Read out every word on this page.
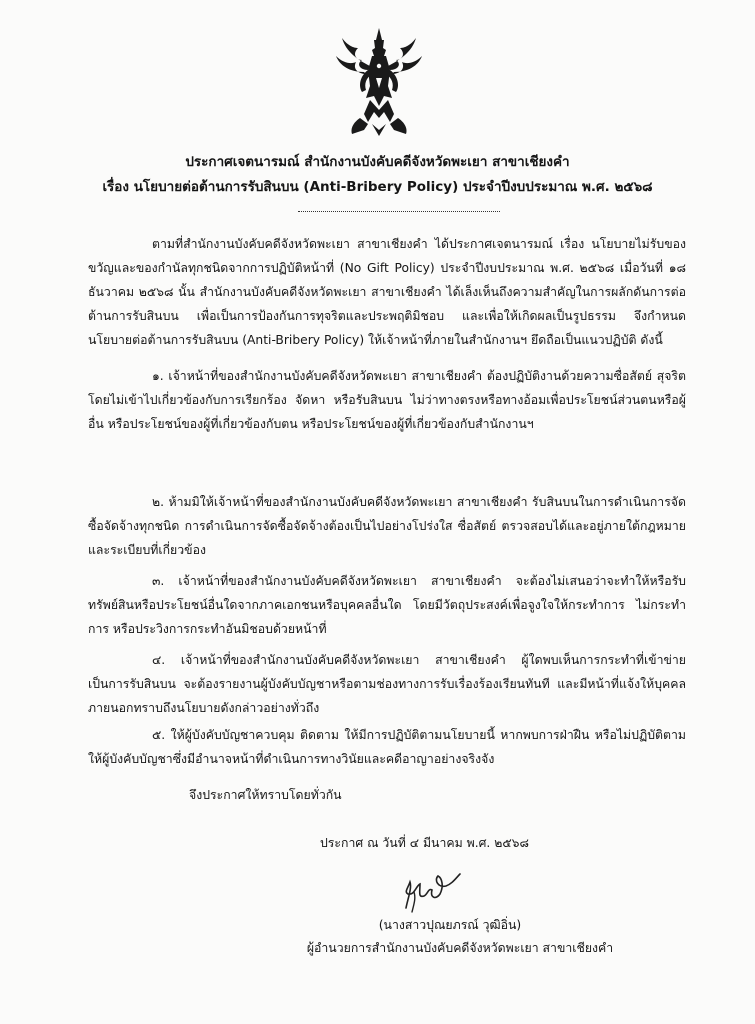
ประกาศเจตนารมณ์ สำนักงานบังคับคดีจังหวัดพะเยา สาขาเชียงคำ
เรื่อง นโยบายต่อต้านการรับสินบน (Anti-Bribery Policy) ประจำปีงบประมาณ พ.ศ. ๒๕๖๘
ตามที่สำนักงานบังคับคดีจังหวัดพะเยา สาขาเชียงคำ ได้ประกาศเจตนารมณ์ เรื่อง นโยบายไม่รับของขวัญและของกำนัลทุกชนิดจากการปฏิบัติหน้าที่ (No Gift Policy) ประจำปีงบประมาณ พ.ศ. ๒๕๖๘ เมื่อวันที่ ๑๘ ธันวาคม ๒๕๖๘ นั้น สำนักงานบังคับคดีจังหวัดพะเยา สาขาเชียงคำ ได้เล็งเห็นถึงความสำคัญในการผลักดันการต่อต้านการรับสินบน เพื่อเป็นการป้องกันการทุจริตและประพฤติมิชอบ และเพื่อให้เกิดผลเป็นรูปธรรม จึงกำหนดนโยบายต่อต้านการรับสินบน (Anti-Bribery Policy) ให้เจ้าหน้าที่ภายในสำนักงานฯ ยึดถือเป็นแนวปฏิบัติ ดังนี้
๑. เจ้าหน้าที่ของสำนักงานบังคับคดีจังหวัดพะเยา สาขาเชียงคำ ต้องปฏิบัติงานด้วยความซื่อสัตย์ สุจริต โดยไม่เข้าไปเกี่ยวข้องกับการเรียกร้อง จัดหา หรือรับสินบน ไม่ว่าทางตรงหรือทางอ้อมเพื่อประโยชน์ส่วนตนหรือผู้อื่น หรือประโยชน์ของผู้ที่เกี่ยวข้องกับตน หรือประโยชน์ของผู้ที่เกี่ยวข้องกับสำนักงานฯ
๒. ห้ามมิให้เจ้าหน้าที่ของสำนักงานบังคับคดีจังหวัดพะเยา สาขาเชียงคำ รับสินบนในการดำเนินการจัดซื้อจัดจ้างทุกชนิด การดำเนินการจัดซื้อจัดจ้างต้องเป็นไปอย่างโปร่งใส ซื่อสัตย์ ตรวจสอบได้และอยู่ภายใต้กฎหมายและระเบียบที่เกี่ยวข้อง
๓. เจ้าหน้าที่ของสำนักงานบังคับคดีจังหวัดพะเยา สาขาเชียงคำ จะต้องไม่เสนอว่าจะทำให้หรือรับทรัพย์สินหรือประโยชน์อื่นใดจากภาคเอกชนหรือบุคคลอื่นใด โดยมีวัตถุประสงค์เพื่อจูงใจให้กระทำการ ไม่กระทำการ หรือประวิงการกระทำอันมิชอบด้วยหน้าที่
๔. เจ้าหน้าที่ของสำนักงานบังคับคดีจังหวัดพะเยา สาขาเชียงคำ ผู้ใดพบเห็นการกระทำที่เข้าข่ายเป็นการรับสินบน จะต้องรายงานผู้บังคับบัญชาหรือตามช่องทางการรับเรื่องร้องเรียนทันที และมีหน้าที่แจ้งให้บุคคลภายนอกทราบถึงนโยบายดังกล่าวอย่างทั่วถึง
๕. ให้ผู้บังคับบัญชาควบคุม ติดตาม ให้มีการปฏิบัติตามนโยบายนี้ หากพบการฝ่าฝืน หรือไม่ปฏิบัติตาม ให้ผู้บังคับบัญชาซึ่งมีอำนาจหน้าที่ดำเนินการทางวินัยและคดีอาญาอย่างจริงจัง
จึงประกาศให้ทราบโดยทั่วกัน
ประกาศ ณ วันที่ ๔ มีนาคม พ.ศ. ๒๕๖๘
(นางสาวปุณยภรณ์ วุฒิอิ่น)
ผู้อำนวยการสำนักงานบังคับคดีจังหวัดพะเยา สาขาเชียงคำ
